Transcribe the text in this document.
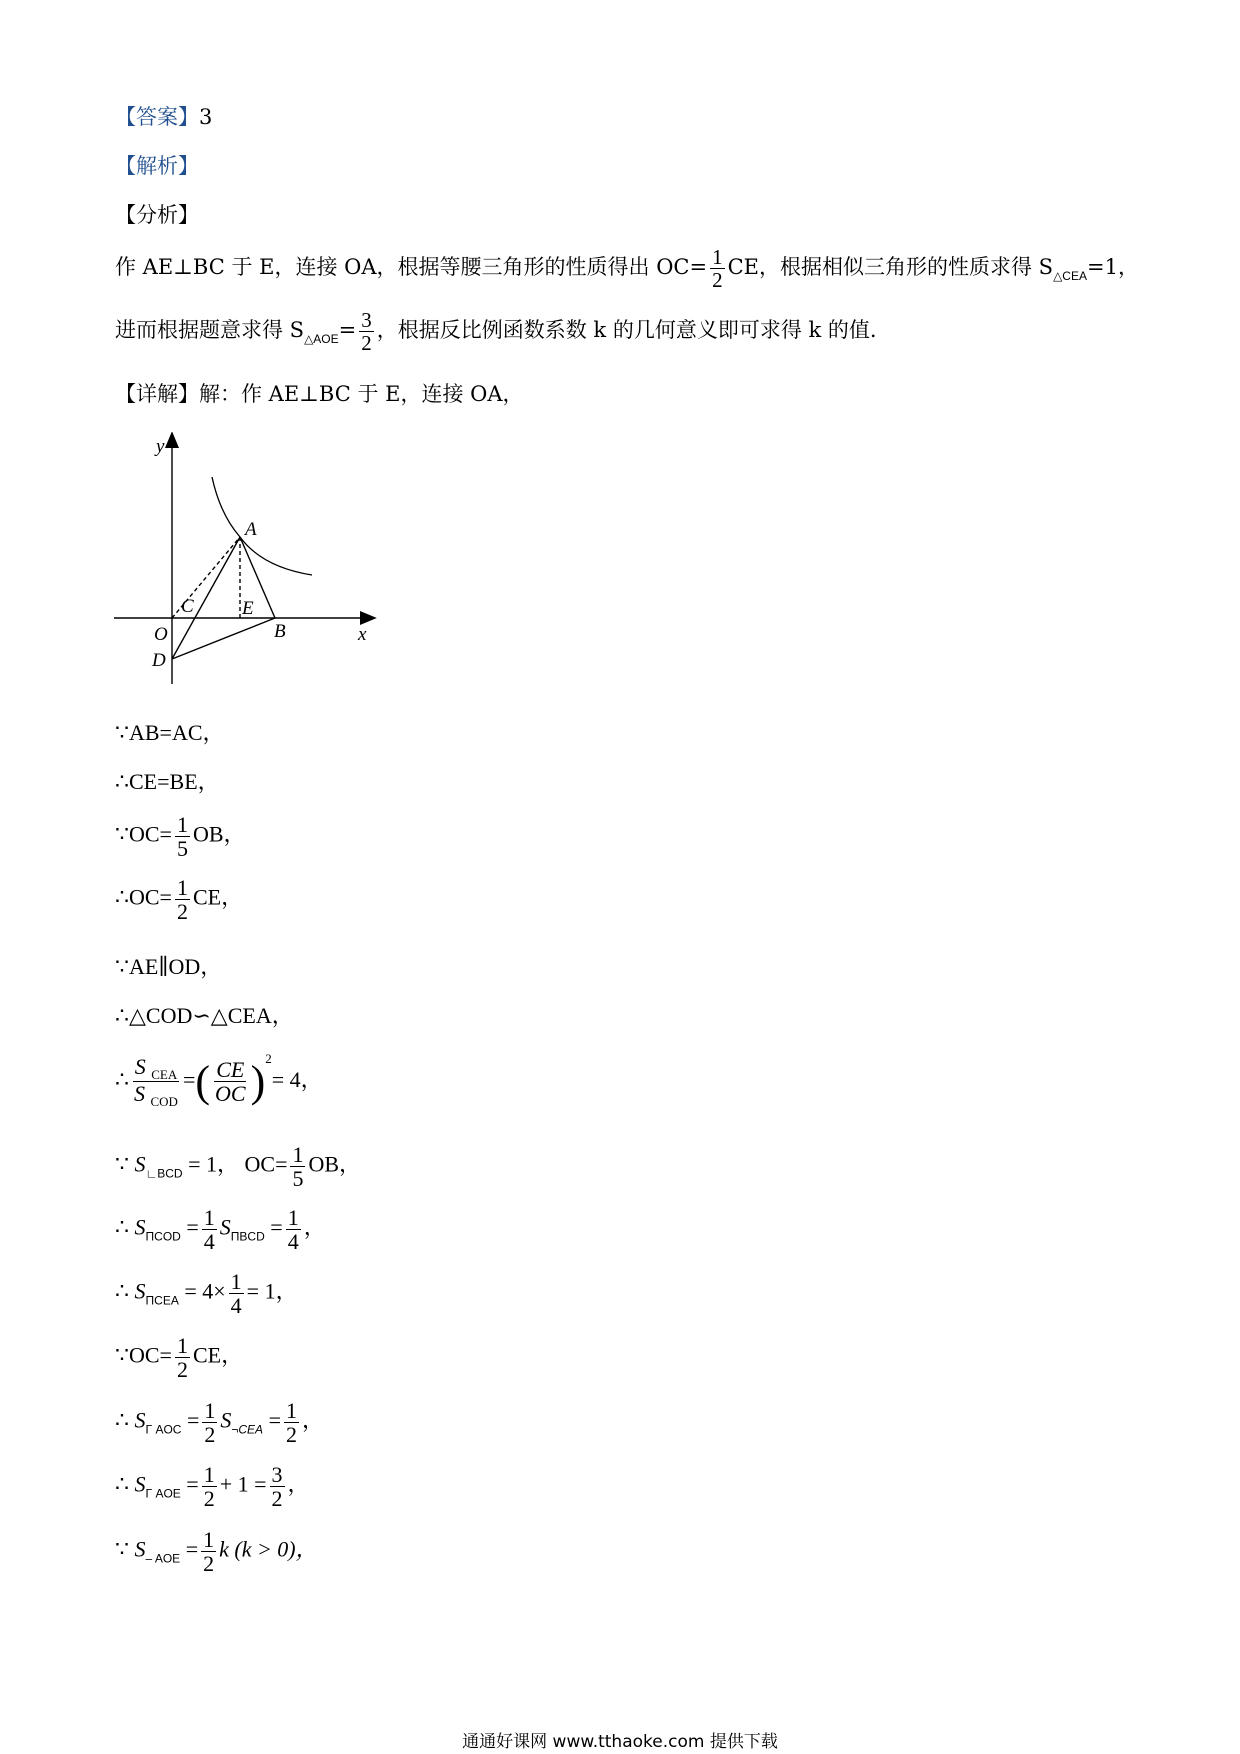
【答案】3
【解析】
【分析】
作 AE⊥BC 于 E，连接 OA，根据等腰三角形的性质得出 $OC= \frac{1}{2}$ CE，根据相似三角形的性质求得 $S_{\triangle CEA}=1$，
进而根据题意求得 $S_{\triangle AOE}= \frac{3}{2}$ ，根据反比例函数系数 k 的几何意义即可求得 k 的值.
【详解】解：作 AE⊥BC 于 E，连接 OA，
y
x
A
B
C
D
E
O
∵AB=AC，
∴CE=BE，
∵OC= $\frac{1}{5}$ OB，
∴OC= $\frac{1}{2}$ CE，
∵AE∥OD，
∴△COD∽△CEA，
∴ $\frac{S _{CEA}}{S _{COD}}$ =( $\frac{CE}{OC} )^2= 4$，
∵ $S_{∟BCD} = 1$， $OC= \frac{1}{5}$ OB，
∴ $S_{\Pi COD} = \frac{1}{4} S_{\Pi BCD} = \frac{1}{4}$ ，
∴ $S_{\Pi CEA} = 4\times \frac{1}{4} = 1$，
∵OC= $\frac{1}{2}$ CE，
∴ $S_{\Gamma AOC} = \frac{1}{2} S_{\neg CEA} = \frac{1}{2}$ ，
∴ $S_{\Gamma AOE} = \frac{1}{2} + 1 = \frac{3}{2}$ ，
∵ $S_{‒ AOE} = \frac{1}{2}$ k (k > 0)，
通通好课网 www.tthaoke.com 提供下载
